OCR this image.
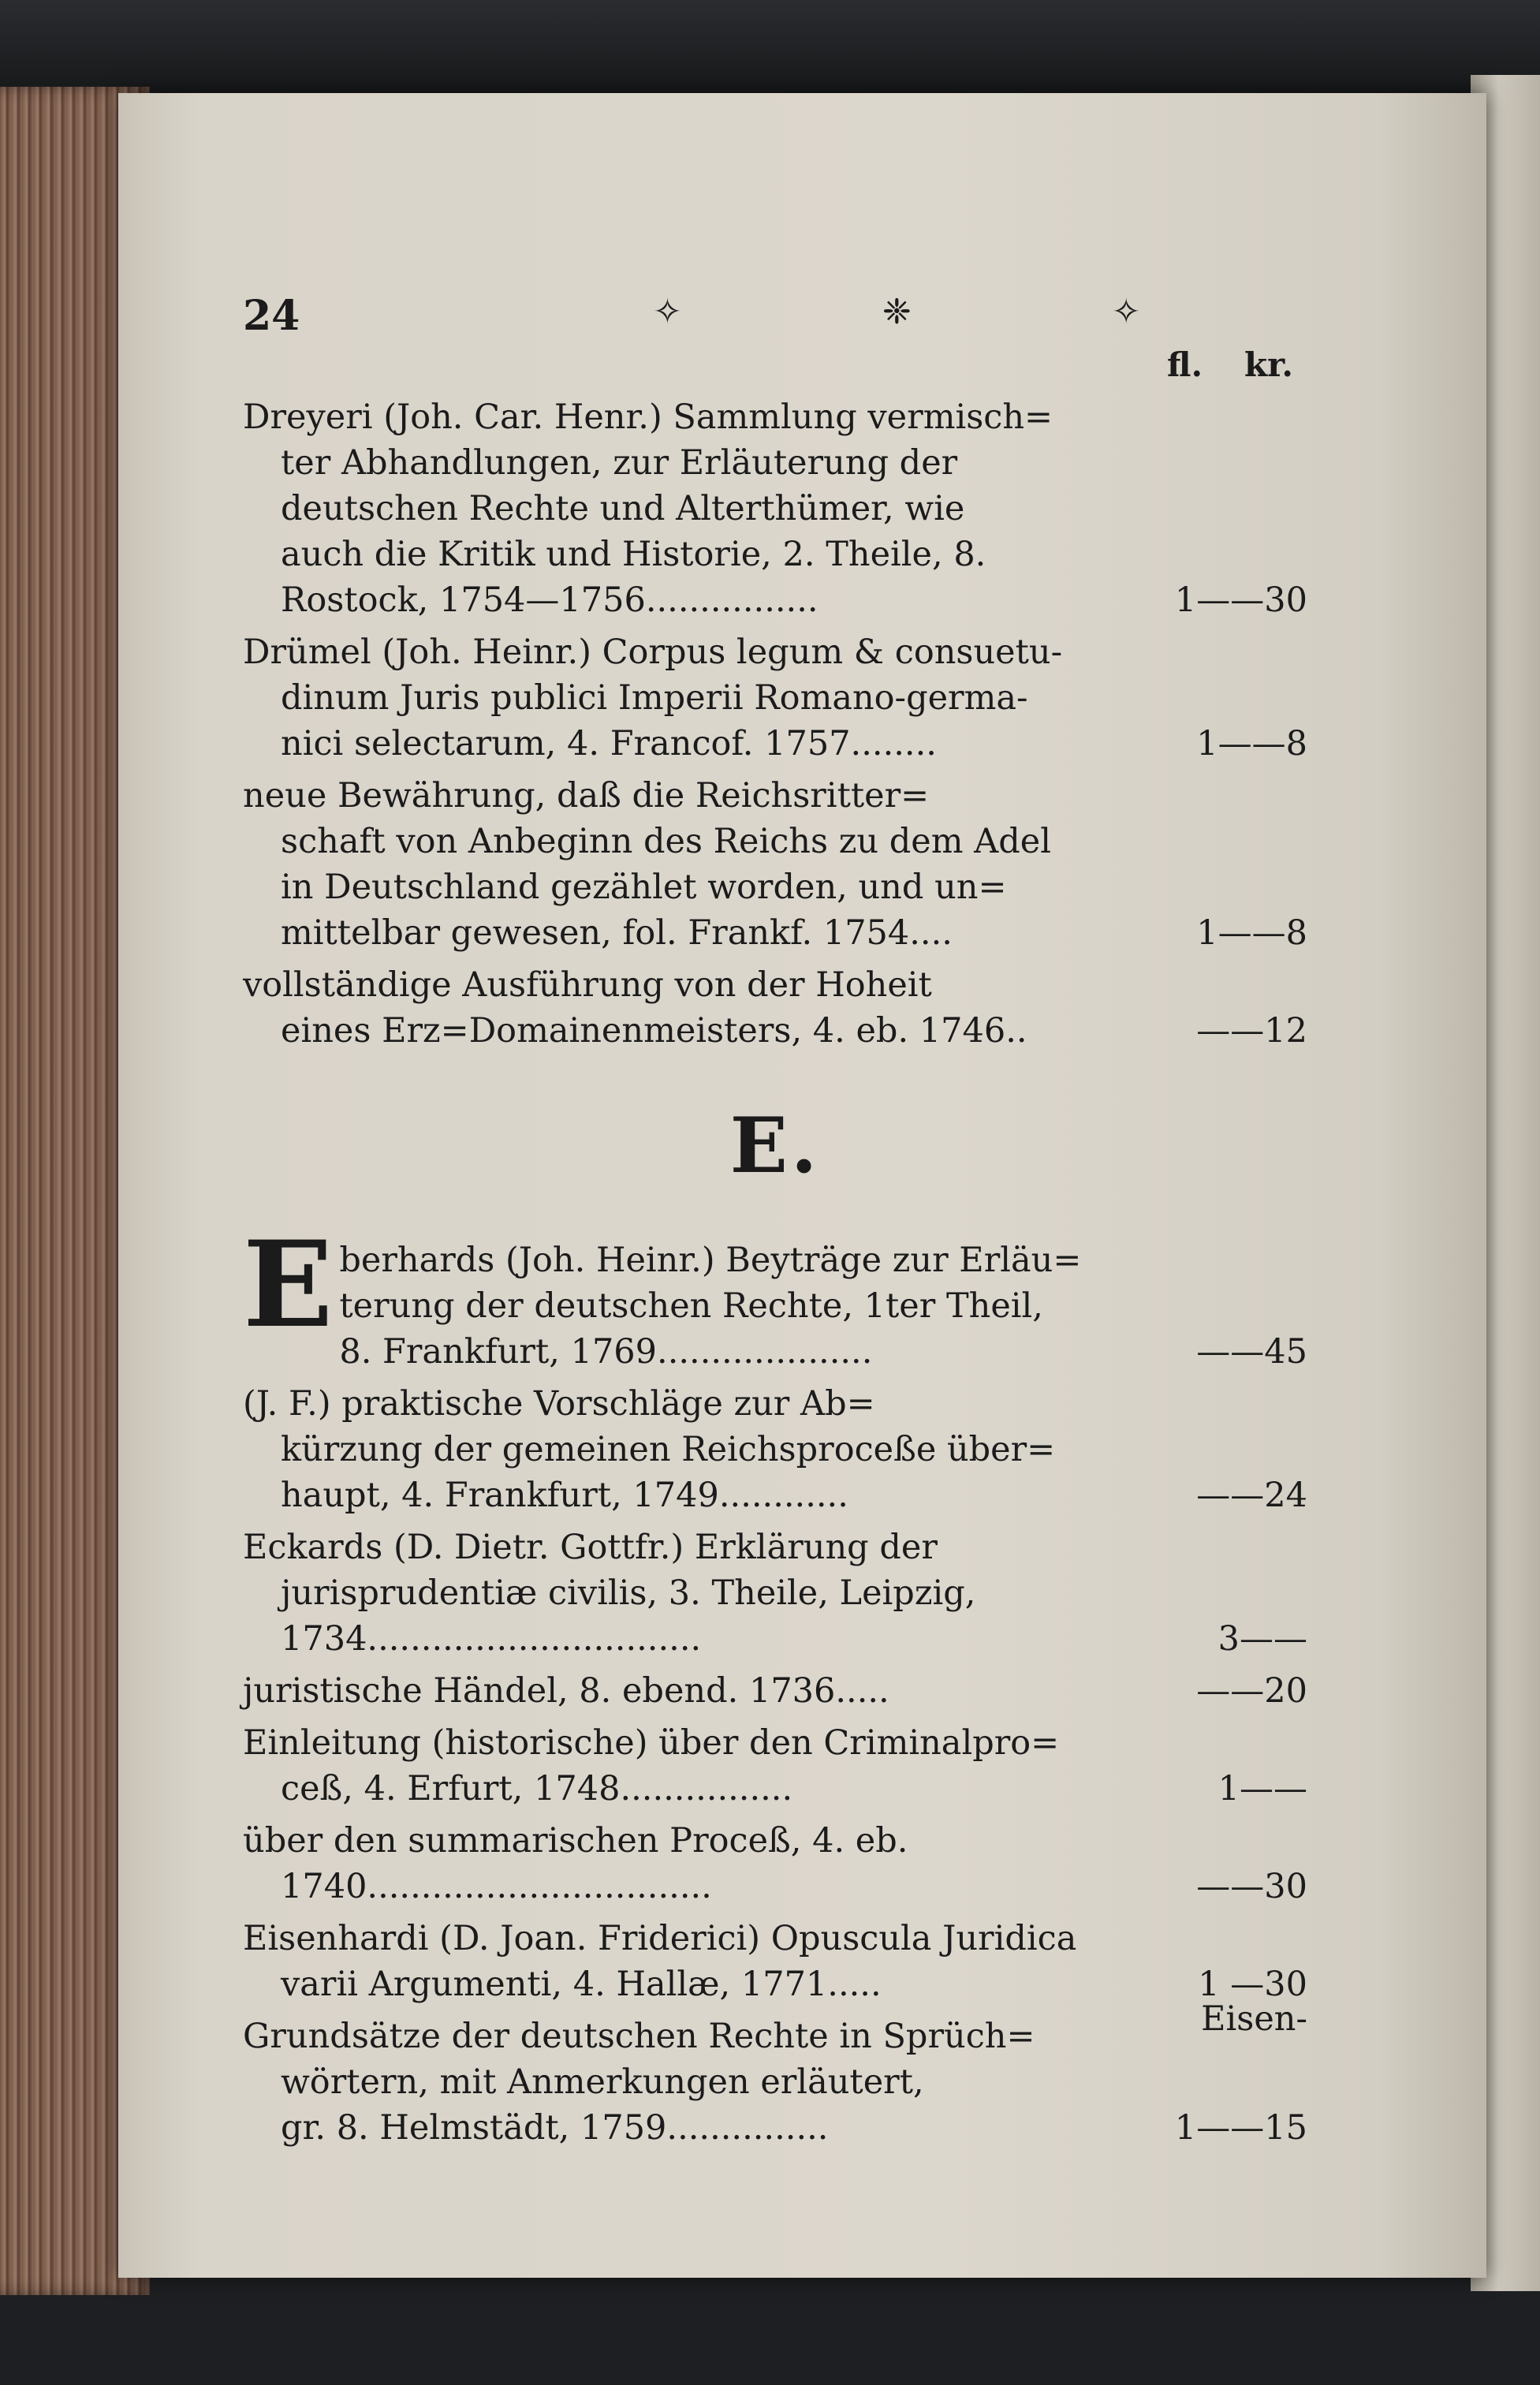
24	✧ ❈ ✧
fl. kr.
Dreyeri (Joh. Car. Henr.) Sammlung vermisch=
ter Abhandlungen, zur Erläuterung der
deutschen Rechte und Alterthümer, wie
auch die Kritik und Historie, 2. Theile, 8.
Rostock, 1754—1756................	1——30
Drümel (Joh. Heinr.) Corpus legum & consuetu-
dinum Juris publici Imperii Romano-germa-
nici selectarum, 4. Francof. 1757........	1——8
neue Bewährung, daß die Reichsritter=
schaft von Anbeginn des Reichs zu dem Adel
in Deutschland gezählet worden, und un=
mittelbar gewesen, fol. Frankf. 1754....	1——8
vollständige Ausführung von der Hoheit
eines Erz=Domainenmeisters, 4. eb. 1746..	——12
E.
E berhards (Joh. Heinr.) Beyträge zur Erläu=
terung der deutschen Rechte, 1ter Theil,
8. Frankfurt, 1769....................	——45
(J. F.) praktische Vorschläge zur Ab=
kürzung der gemeinen Reichsproceße über=
haupt, 4. Frankfurt, 1749............	——24
Eckards (D. Dietr. Gottfr.) Erklärung der
jurisprudentiæ civilis, 3. Theile, Leipzig,
1734...............................	3——
juristische Händel, 8. ebend. 1736.....	——20
Einleitung (historische) über den Criminalpro=
ceß, 4. Erfurt, 1748................	1——
über den summarischen Proceß, 4. eb.
1740................................	——30
Eisenhardi (D. Joan. Friderici) Opuscula Juridica
varii Argumenti, 4. Hallæ, 1771.....	1 —30
Grundsätze der deutschen Rechte in Sprüch=
wörtern, mit Anmerkungen erläutert,
gr. 8. Helmstädt, 1759...............	1——15
Eisen-
